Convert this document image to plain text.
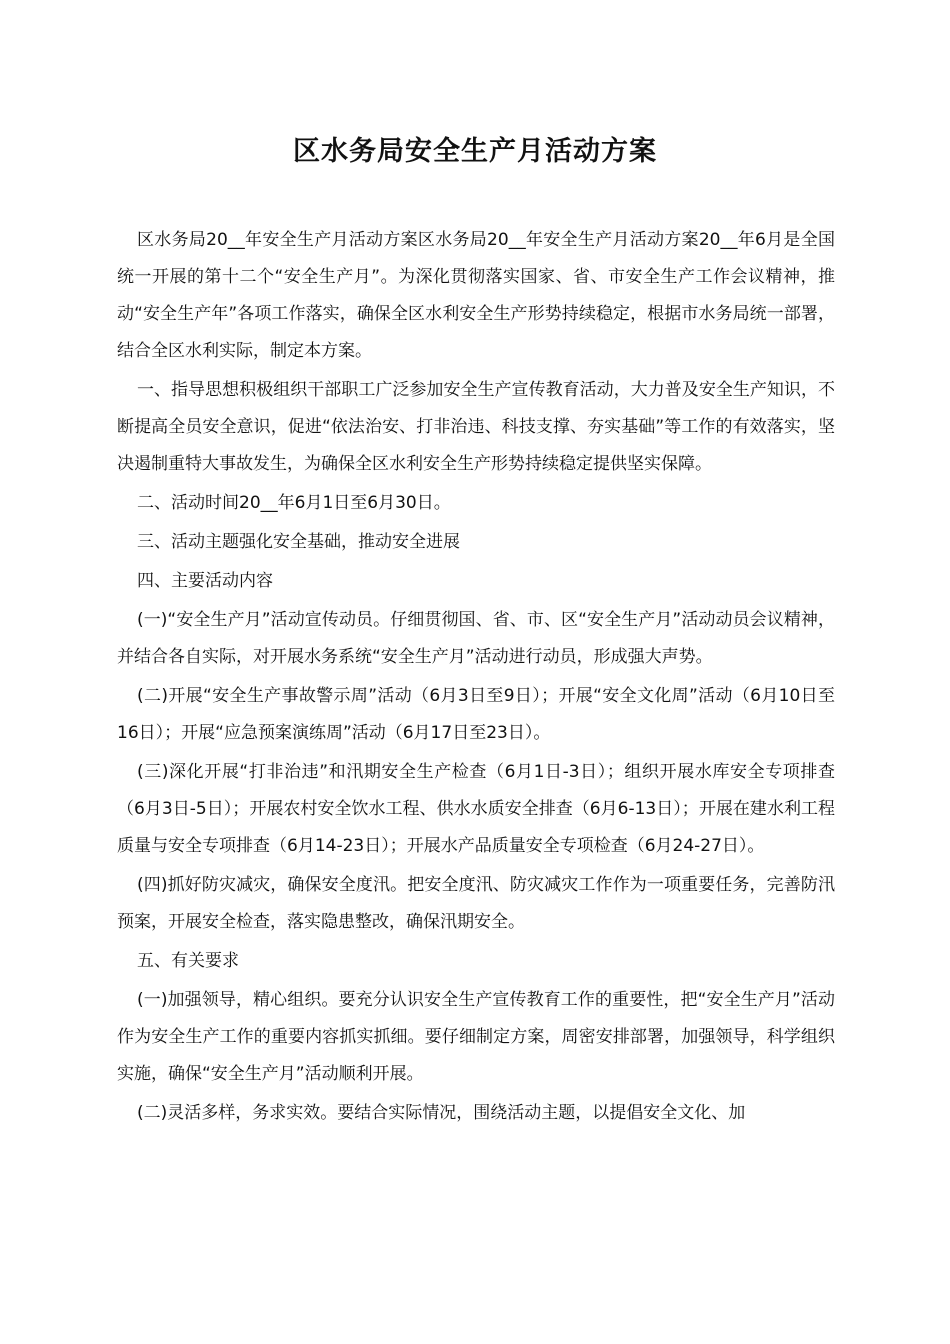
区水务局安全生产月活动方案

区水务局20__年安全生产月活动方案区水务局20__年安全生产月活动方案20__年6月是全国统一开展的第十二个“安全生产月”。为深化贯彻落实国家、省、市安全生产工作会议精神，推动“安全生产年”各项工作落实，确保全区水利安全生产形势持续稳定，根据市水务局统一部署，结合全区水利实际，制定本方案。

一、指导思想积极组织干部职工广泛参加安全生产宣传教育活动，大力普及安全生产知识，不断提高全员安全意识，促进“依法治安、打非治违、科技支撑、夯实基础”等工作的有效落实，坚决遏制重特大事故发生，为确保全区水利安全生产形势持续稳定提供坚实保障。

二、活动时间20__年6月1日至6月30日。

三、活动主题强化安全基础，推动安全进展

四、主要活动内容

(一)“安全生产月”活动宣传动员。仔细贯彻国、省、市、区“安全生产月”活动动员会议精神，并结合各自实际，对开展水务系统“安全生产月”活动进行动员，形成强大声势。

(二)开展“安全生产事故警示周”活动（6月3日至9日）；开展“安全文化周”活动（6月10日至16日）；开展“应急预案演练周”活动（6月17日至23日）。

(三)深化开展“打非治违”和汛期安全生产检查（6月1日-3日）；组织开展水库安全专项排查（6月3日-5日）；开展农村安全饮水工程、供水水质安全排查（6月6-13日）；开展在建水利工程质量与安全专项排查（6月14-23日）；开展水产品质量安全专项检查（6月24-27日）。

(四)抓好防灾减灾，确保安全度汛。把安全度汛、防灾减灾工作作为一项重要任务，完善防汛预案，开展安全检查，落实隐患整改，确保汛期安全。

五、有关要求

(一)加强领导，精心组织。要充分认识安全生产宣传教育工作的重要性，把“安全生产月”活动作为安全生产工作的重要内容抓实抓细。要仔细制定方案，周密安排部署，加强领导，科学组织实施，确保“安全生产月”活动顺利开展。

(二)灵活多样，务求实效。要结合实际情况，围绕活动主题，以提倡安全文化、加
